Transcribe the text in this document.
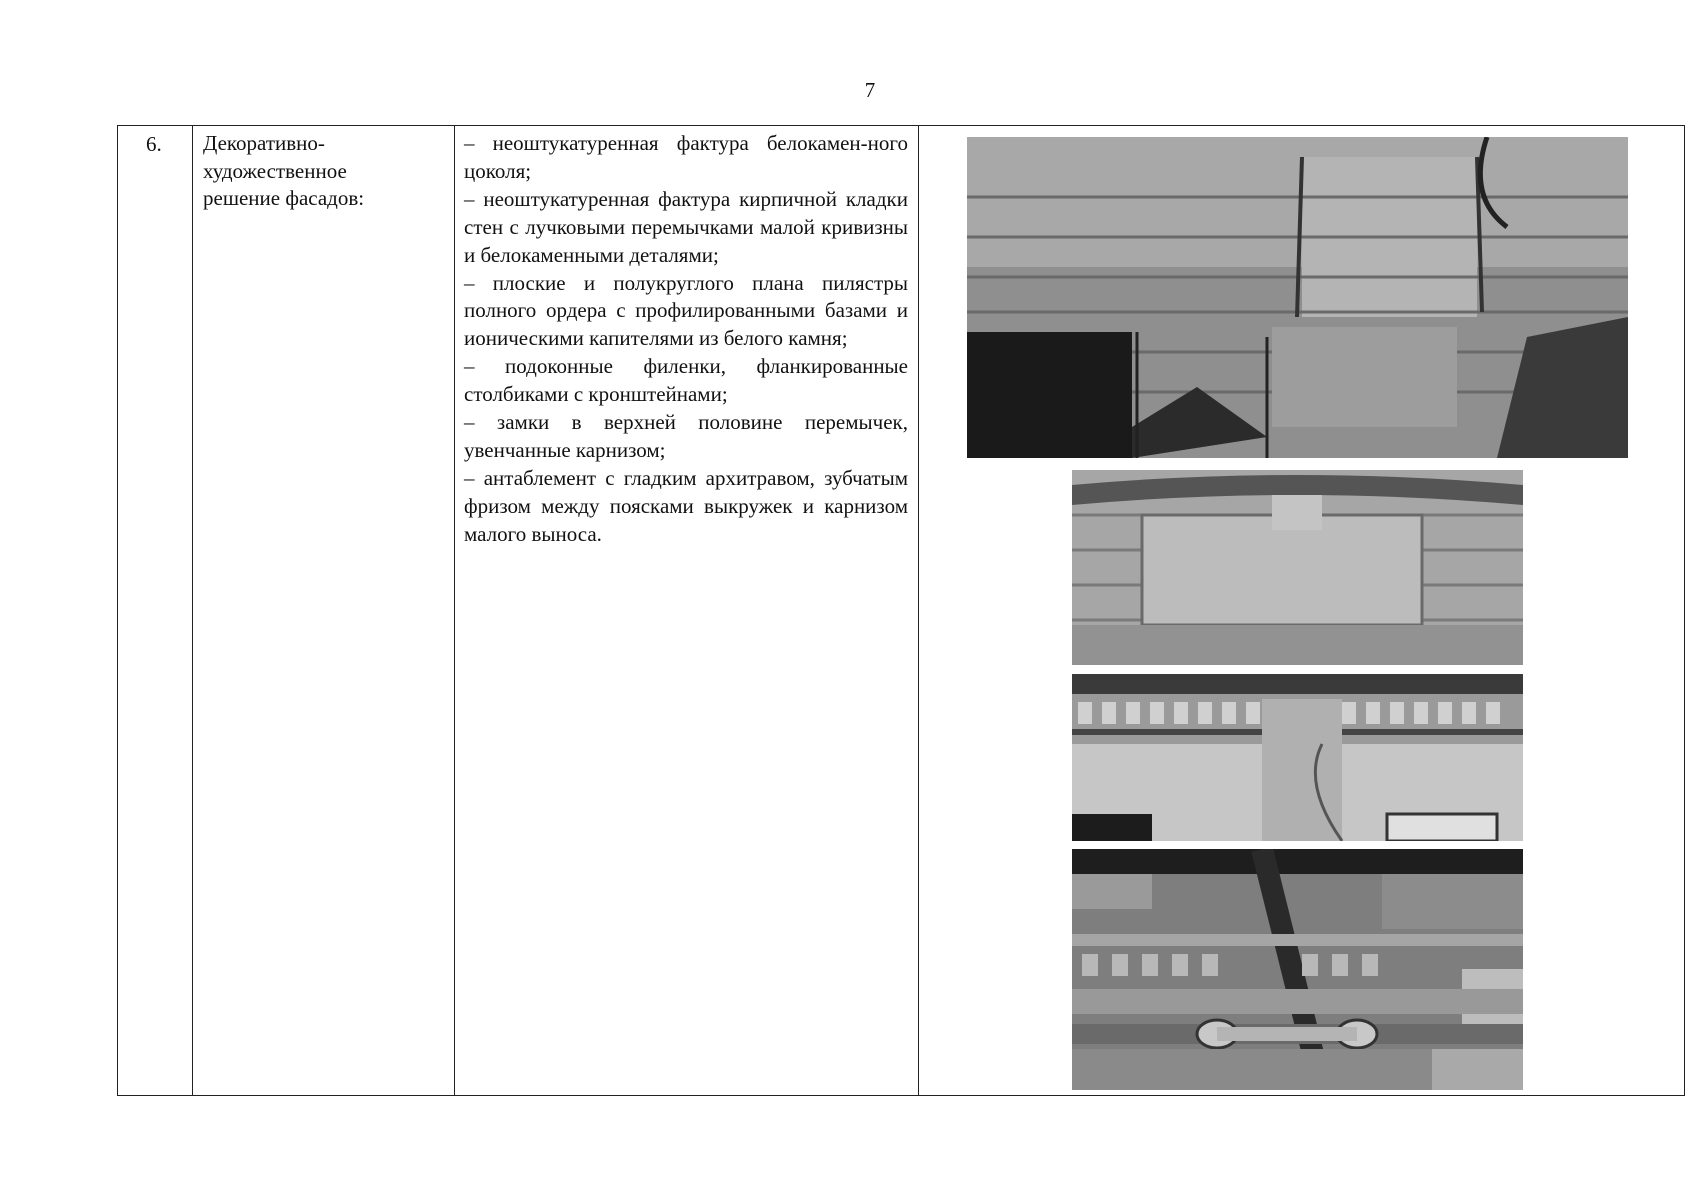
7
6. Декоративно-
художественное
решение фасадов:

– неоштукатуренная фактура белокамен-ного цоколя;

– неоштукатуренная фактура кирпичной кладки стен с лучковыми перемычками малой кривизны и белокаменными деталями;

– плоские и полукруглого плана пилястры полного ордера с профилированными базами и ионическими капителями из белого камня;

– подоконные филенки, фланкированные столбиками с кронштейнами;

– замки в верхней половине перемычек, увенчанные карнизом;

– антаблемент с гладким архитравом, зубчатым фризом между поясками выкружек и карнизом малого выноса.
